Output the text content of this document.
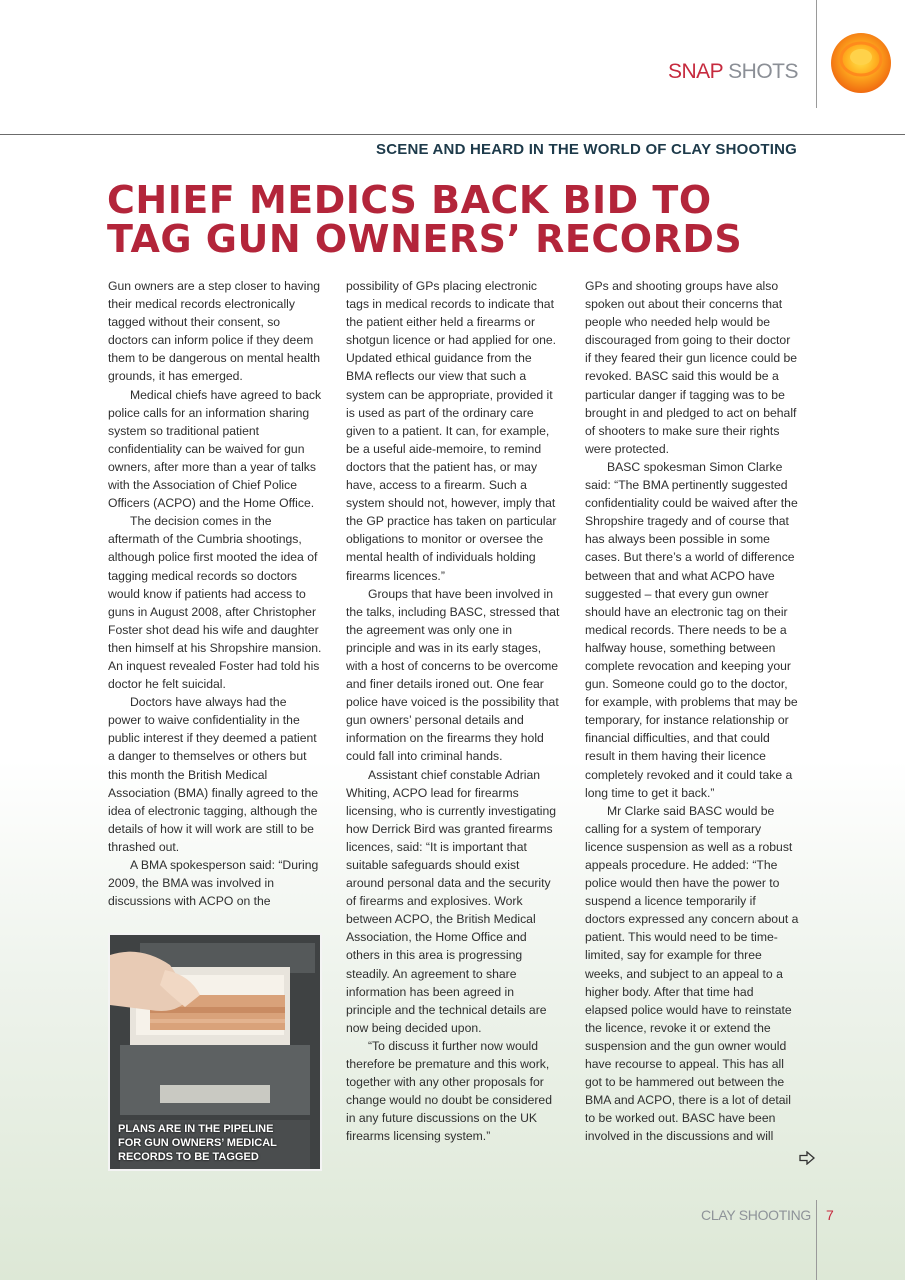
SNAP SHOTS
SCENE AND HEARD IN THE WORLD OF CLAY SHOOTING
CHIEF MEDICS BACK BID TO
TAG GUN OWNERS’ RECORDS

Gun owners are a step closer to having their medical records electronically tagged without their consent, so doctors can inform police if they deem them to be dangerous on mental health grounds, it has emerged.

Medical chiefs have agreed to back police calls for an information sharing system so traditional patient confidentiality can be waived for gun owners, after more than a year of talks with the Association of Chief Police Officers (ACPO) and the Home Office.

The decision comes in the aftermath of the Cumbria shootings, although police first mooted the idea of tagging medical records so doctors would know if patients had access to guns in August 2008, after Christopher Foster shot dead his wife and daughter then himself at his Shropshire mansion. An inquest revealed Foster had told his doctor he felt suicidal.

Doctors have always had the power to waive confidentiality in the public interest if they deemed a patient a danger to themselves or others but this month the British Medical Association (BMA) finally agreed to the idea of electronic tagging, although the details of how it will work are still to be thrashed out.

A BMA spokesperson said: “During 2009, the BMA was involved in discussions with ACPO on the

possibility of GPs placing electronic tags in medical records to indicate that the patient either held a firearms or shotgun licence or had applied for one. Updated ethical guidance from the BMA reflects our view that such a system can be appropriate, provided it is used as part of the ordinary care given to a patient. It can, for example, be a useful aide-memoire, to remind doctors that the patient has, or may have, access to a firearm. Such a system should not, however, imply that the GP practice has taken on particular obligations to monitor or oversee the mental health of individuals holding firearms licences.”

Groups that have been involved in the talks, including BASC, stressed that the agreement was only one in principle and was in its early stages, with a host of concerns to be overcome and finer details ironed out. One fear police have voiced is the possibility that gun owners’ personal details and information on the firearms they hold could fall into criminal hands.

Assistant chief constable Adrian Whiting, ACPO lead for firearms licensing, who is currently investigating how Derrick Bird was granted firearms licences, said: “It is important that suitable safeguards should exist around personal data and the security of firearms and explosives. Work between ACPO, the British Medical Association, the Home Office and others in this area is progressing steadily. An agreement to share information has been agreed in principle and the technical details are now being decided upon.

“To discuss it further now would therefore be premature and this work, together with any other proposals for change would no doubt be considered in any future discussions on the UK firearms licensing system.”

GPs and shooting groups have also spoken out about their concerns that people who needed help would be discouraged from going to their doctor if they feared their gun licence could be revoked. BASC said this would be a particular danger if tagging was to be brought in and pledged to act on behalf of shooters to make sure their rights were protected.

BASC spokesman Simon Clarke said: “The BMA pertinently suggested confidentiality could be waived after the Shropshire tragedy and of course that has always been possible in some cases. But there’s a world of difference between that and what ACPO have suggested – that every gun owner should have an electronic tag on their medical records. There needs to be a halfway house, something between complete revocation and keeping your gun. Someone could go to the doctor, for example, with problems that may be temporary, for instance relationship or financial difficulties, and that could result in them having their licence completely revoked and it could take a long time to get it back.”

Mr Clarke said BASC would be calling for a system of temporary licence suspension as well as a robust appeals procedure. He added: “The police would then have the power to suspend a licence temporarily if doctors expressed any concern about a patient. This would need to be time-limited, say for example for three weeks, and subject to an appeal to a higher body. After that time had elapsed police would have to reinstate the licence, revoke it or extend the suspension and the gun owner would have recourse to appeal. This has all got to be hammered out between the BMA and ACPO, there is a lot of detail to be worked out. BASC have been involved in the discussions and will

PLANS ARE IN THE PIPELINE FOR GUN OWNERS’ MEDICAL RECORDS TO BE TAGGED
CLAY SHOOTING 7
